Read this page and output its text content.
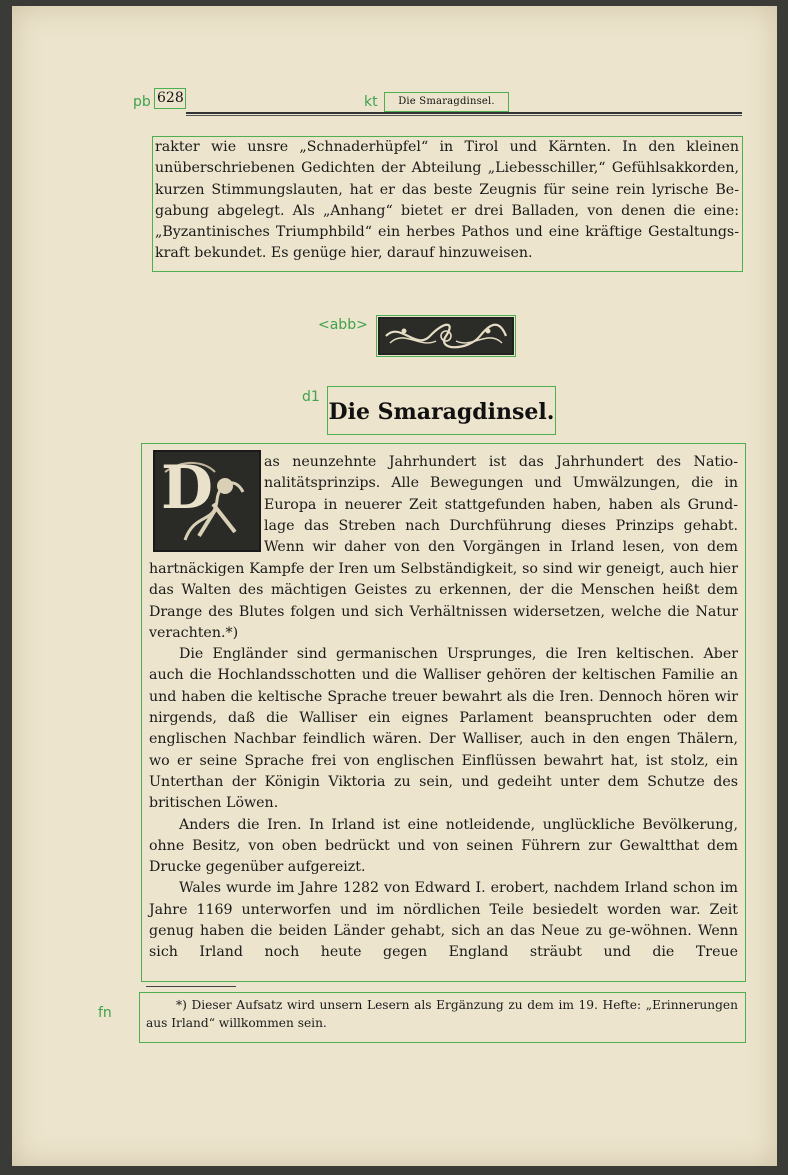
pb	kt
<abb>
d1
fn
628	Die Smaragdinsel.
rakter wie unsre „Schnaderhüpfel“ in Tirol und Kärnten. In den kleinen
unüberschriebenen Gedichten der Abteilung „Liebesschiller,“ Gefühlsakkorden,
kurzen Stimmungslauten, hat er das beste Zeugnis für seine rein lyrische Be-
gabung abgelegt. Als „Anhang“ bietet er drei Balladen, von denen die eine:
„Byzantinisches Triumphbild“ ein herbes Pathos und eine kräftige Gestaltungs-
kraft bekundet. Es genüge hier, darauf hinzuweisen.
Die Smaragdinsel.
D	as neunzehnte Jahrhundert ist das Jahrhundert des Natio-
nalitätsprinzips. Alle Bewegungen und Umwälzungen, die in
Europa in neuerer Zeit stattgefunden haben, haben als Grund-
lage das Streben nach Durchführung dieses Prinzips gehabt.
Wenn wir daher von den Vorgängen in Irland lesen, von dem

hartnäckigen Kampfe der Iren um Selbständigkeit, so sind wir geneigt, auch hier das Walten des mächtigen Geistes zu erkennen, der die Menschen heißt dem Drange des Blutes folgen und sich Verhältnissen widersetzen, welche die Natur verachten.*)

Die Engländer sind germanischen Ursprunges, die Iren keltischen. Aber auch die Hochlandsschotten und die Walliser gehören der keltischen Familie an und haben die keltische Sprache treuer bewahrt als die Iren. Dennoch hören wir nirgends, daß die Walliser ein eignes Parlament beanspruchten oder dem englischen Nachbar feindlich wären. Der Walliser, auch in den engen Thälern, wo er seine Sprache frei von englischen Einflüssen bewahrt hat, ist stolz, ein Unterthan der Königin Viktoria zu sein, und gedeiht unter dem Schutze des britischen Löwen.

Anders die Iren. In Irland ist eine notleidende, unglückliche Bevölkerung, ohne Besitz, von oben bedrückt und von seinen Führern zur Gewaltthat dem Drucke gegenüber aufgereizt.

Wales wurde im Jahre 1282 von Edward I. erobert, nachdem Irland schon im Jahre 1169 unterworfen und im nördlichen Teile besiedelt worden war. Zeit genug haben die beiden Länder gehabt, sich an das Neue zu ge-wöhnen. Wenn sich Irland noch heute gegen England sträubt und die Treue

*) Dieser Aufsatz wird unsern Lesern als Ergänzung zu dem im 19. Hefte: „Erinnerungen aus Irland“ willkommen sein.
